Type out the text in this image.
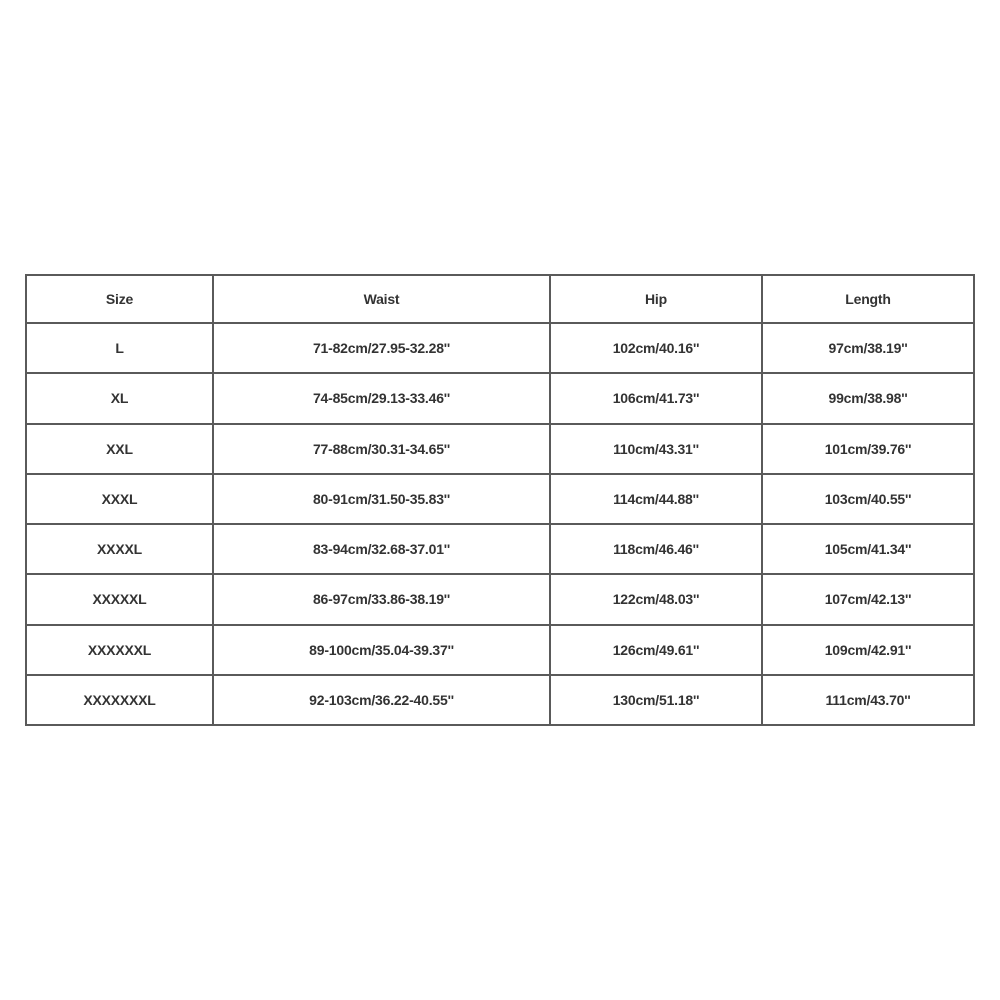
Size	Waist	Hip	Length
L	71-82cm/27.95-32.28''	102cm/40.16''	97cm/38.19''
XL	74-85cm/29.13-33.46''	106cm/41.73''	99cm/38.98''
XXL	77-88cm/30.31-34.65''	110cm/43.31''	101cm/39.76''
XXXL	80-91cm/31.50-35.83''	114cm/44.88''	103cm/40.55''
XXXXL	83-94cm/32.68-37.01''	118cm/46.46''	105cm/41.34''
XXXXXL	86-97cm/33.86-38.19''	122cm/48.03''	107cm/42.13''
XXXXXXL	89-100cm/35.04-39.37''	126cm/49.61''	109cm/42.91''
XXXXXXXL	92-103cm/36.22-40.55''	130cm/51.18''	111cm/43.70''
